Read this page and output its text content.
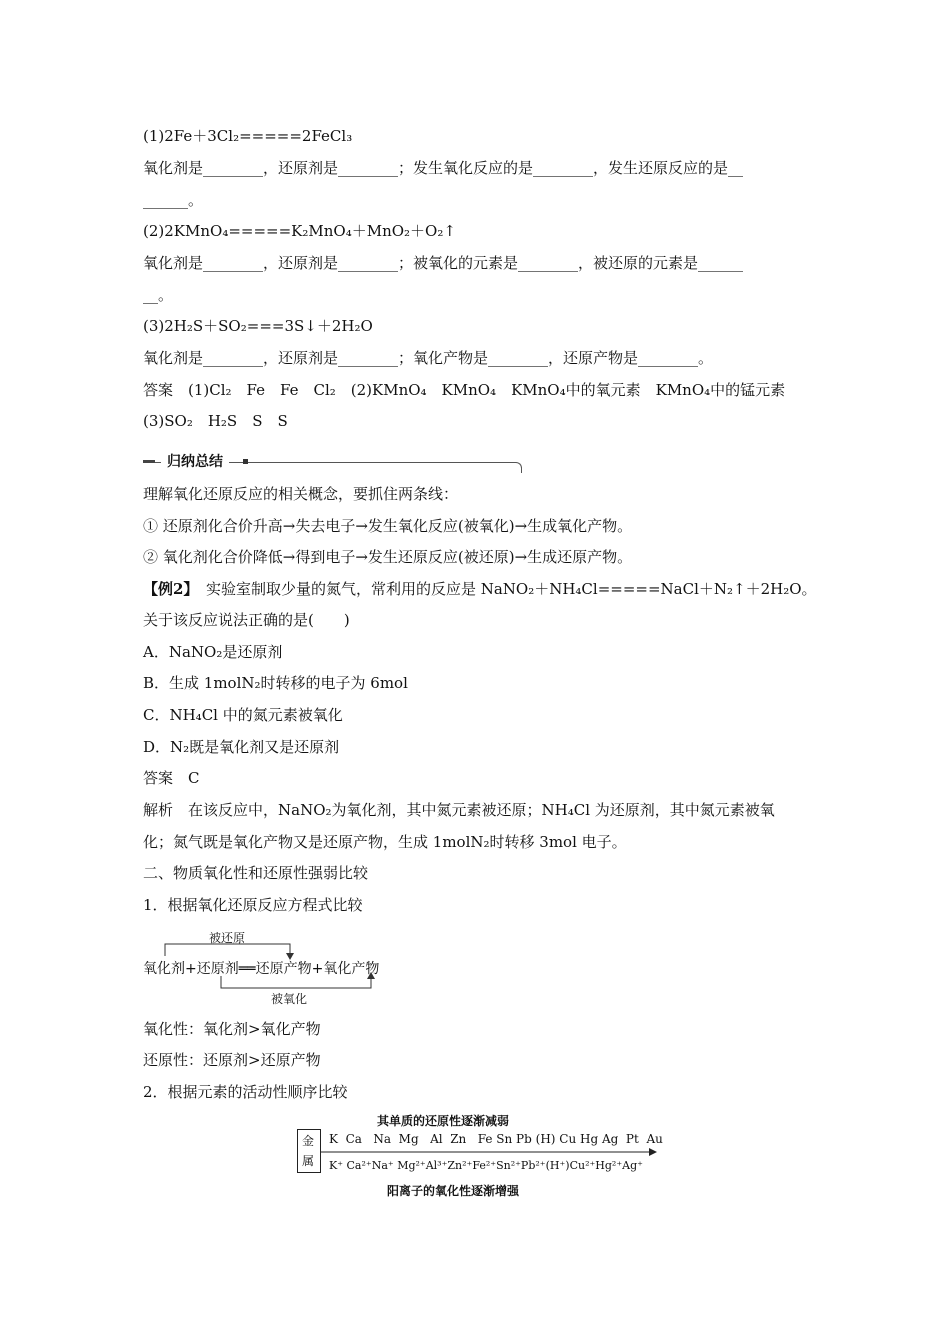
(1)2Fe＋3Cl₂=====2FeCl₃
氧化剂是________，还原剂是________；发生氧化反应的是________，发生还原反应的是__
______。
(2)2KMnO₄=====K₂MnO₄＋MnO₂＋O₂↑
氧化剂是________，还原剂是________；被氧化的元素是________，被还原的元素是______
__。
(3)2H₂S＋SO₂===3S↓＋2H₂O
氧化剂是________，还原剂是________；氧化产物是________，还原产物是________。
答案　(1)Cl₂　Fe　Fe　Cl₂　(2)KMnO₄　KMnO₄　KMnO₄中的氧元素　KMnO₄中的锰元素
(3)SO₂　H₂S　S　S
归纳总结
理解氧化还原反应的相关概念，要抓住两条线：
① 还原剂化合价升高→失去电子→发生氧化反应(被氧化)→生成氧化产物。
② 氧化剂化合价降低→得到电子→发生还原反应(被还原)→生成还原产物。
【例2】　实验室制取少量的氮气，常利用的反应是 NaNO₂＋NH₄Cl=====NaCl＋N₂↑＋2H₂O。
关于该反应说法正确的是(　　)
A．NaNO₂是还原剂
B．生成 1molN₂时转移的电子为 6mol
C．NH₄Cl 中的氮元素被氧化
D．N₂既是氧化剂又是还原剂
答案　C
解析　在该反应中，NaNO₂为氧化剂，其中氮元素被还原；NH₄Cl 为还原剂，其中氮元素被氧
化；氮气既是氧化产物又是还原产物，生成 1molN₂时转移 3mol 电子。
二、物质氧化性和还原性强弱比较
1．根据氧化还原反应方程式比较
被还原
氧化剂+还原剂══还原产物+氧化产物
被氧化
氧化性：氧化剂>氧化产物
还原性：还原剂>还原产物
2．根据元素的活动性顺序比较
其单质的还原性逐渐减弱
金
属
K  Ca   Na  Mg   Al  Zn   Fe Sn Pb (H) Cu Hg Ag  Pt  Au
K⁺ Ca²⁺Na⁺ Mg²⁺Al³⁺Zn²⁺Fe²⁺Sn²⁺Pb²⁺(H⁺)Cu²⁺Hg²⁺Ag⁺
阳离子的氧化性逐渐增强
